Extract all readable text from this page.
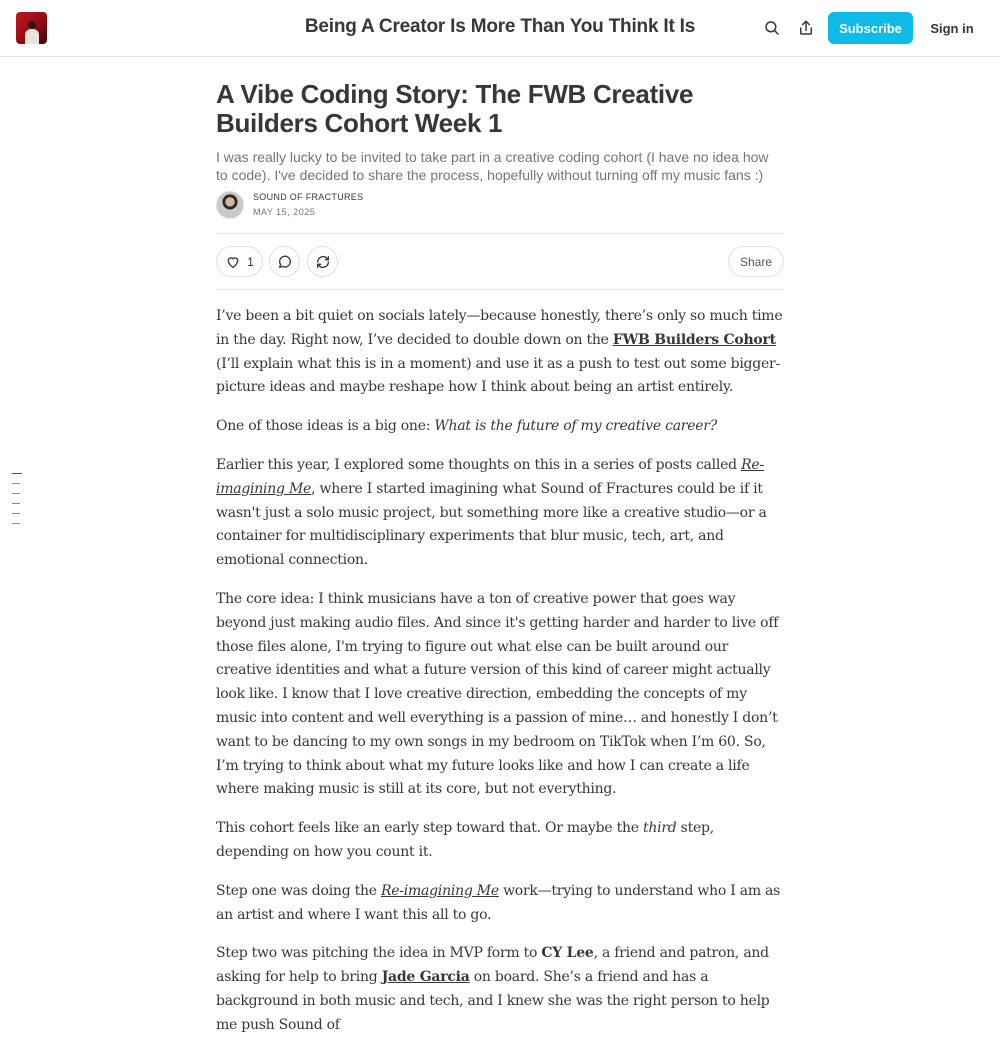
Being A Creator Is More Than You Think It Is	Subscribe	Sign in
A Vibe Coding Story: The FWB Creative Builders Cohort Week 1
I was really lucky to be invited to take part in a creative coding cohort (I have no idea how to code). I've decided to share the process, hopefully without turning off my music fans :)
SOUND OF FRACTURES
MAY 15, 2025
1	Share

I’ve been a bit quiet on socials lately—because honestly, there’s only so much time in the day. Right now, I’ve decided to double down on the FWB Builders Cohort (I’ll explain what this is in a moment) and use it as a push to test out some bigger-picture ideas and maybe reshape how I think about being an artist entirely.

One of those ideas is a big one: What is the future of my creative career?

Earlier this year, I explored some thoughts on this in a series of posts called Re-imagining Me, where I started imagining what Sound of Fractures could be if it wasn't just a solo music project, but something more like a creative studio—or a container for multidisciplinary experiments that blur music, tech, art, and emotional connection.

The core idea: I think musicians have a ton of creative power that goes way beyond just making audio files. And since it's getting harder and harder to live off those files alone, I'm trying to figure out what else can be built around our creative identities and what a future version of this kind of career might actually look like. I know that I love creative direction, embedding the concepts of my music into content and well everything is a passion of mine… and honestly I don’t want to be dancing to my own songs in my bedroom on TikTok when I’m 60. So, I’m trying to think about what my future looks like and how I can create a life where making music is still at its core, but not everything.

This cohort feels like an early step toward that. Or maybe the third step, depending on how you count it.

Step one was doing the Re-imagining Me work—trying to understand who I am as an artist and where I want this all to go.

Step two was pitching the idea in MVP form to CY Lee, a friend and patron, and asking for help to bring Jade Garcia on board. She’s a friend and has a background in both music and tech, and I knew she was the right person to help me push Sound of
